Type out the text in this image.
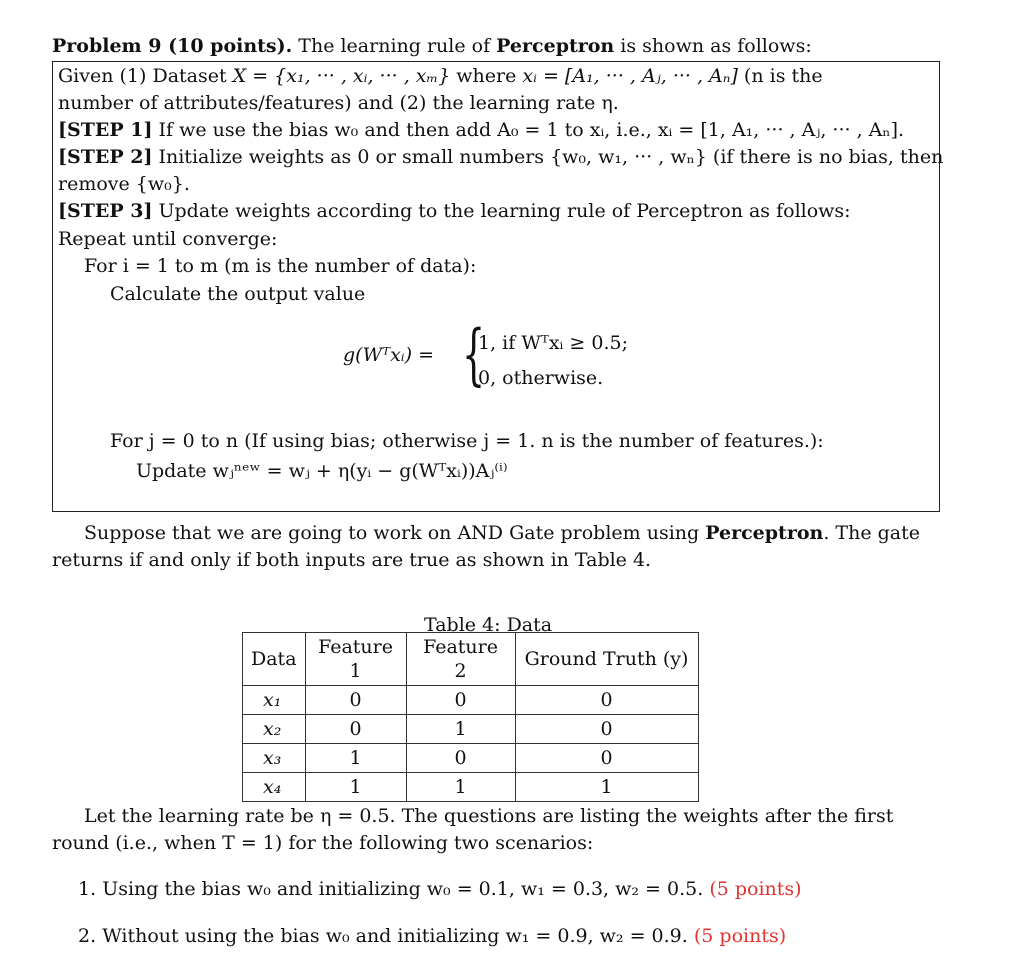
Problem 9 (10 points). The learning rule of Perceptron is shown as follows:
Given (1) Dataset X = {x₁, ··· , xᵢ, ··· , xₘ} where xᵢ = [A₁, ··· , Aⱼ, ··· , Aₙ] (n is the
number of attributes/features) and (2) the learning rate η.
[STEP 1] If we use the bias w₀ and then add A₀ = 1 to xᵢ, i.e., xᵢ = [1, A₁, ··· , Aⱼ, ··· , Aₙ].
[STEP 2] Initialize weights as 0 or small numbers {w₀, w₁, ··· , wₙ} (if there is no bias, then
remove {w₀}.
[STEP 3] Update weights according to the learning rule of Perceptron as follows:
Repeat until converge:
For i = 1 to m (m is the number of data):
Calculate the output value
g(Wᵀxᵢ) = {
1, if Wᵀxᵢ ≥ 0.5;
0, otherwise.
For j = 0 to n (If using bias; otherwise j = 1. n is the number of features.):
Update wⱼⁿᵉʷ = wⱼ + η(yᵢ − g(Wᵀxᵢ))Aⱼ⁽ⁱ⁾
Suppose that we are going to work on AND Gate problem using Perceptron. The gate
returns if and only if both inputs are true as shown in Table 4.
Table 4: Data
Data	Feature 1	Feature 2	Ground Truth (y)
x₁	0	0	0
x₂	0	1	0
x₃	1	0	0
x₄	1	1	1
Let the learning rate be η = 0.5. The questions are listing the weights after the first
round (i.e., when T = 1) for the following two scenarios:
1. Using the bias w₀ and initializing w₀ = 0.1, w₁ = 0.3, w₂ = 0.5. (5 points)
2. Without using the bias w₀ and initializing w₁ = 0.9, w₂ = 0.9. (5 points)
